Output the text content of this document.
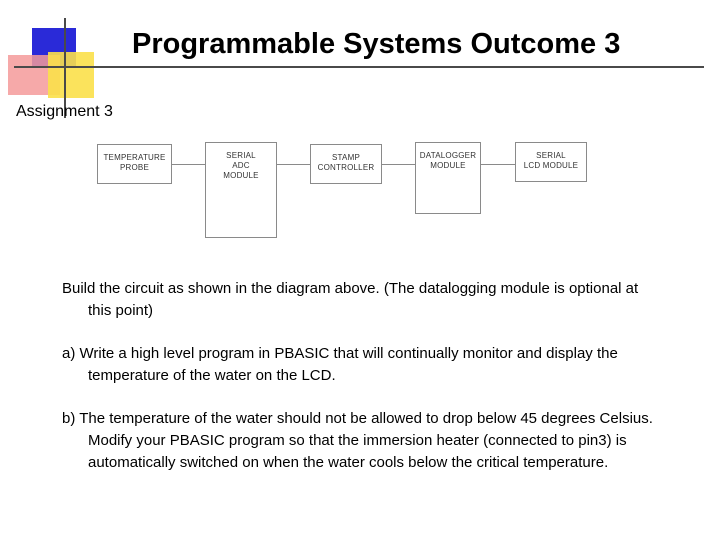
Programmable Systems Outcome 3
Assignment 3
TEMPERATURE
PROBE
SERIAL
ADC
MODULE
STAMP
CONTROLLER
DATALOGGER
MODULE
SERIAL
LCD MODULE

Build the circuit as shown in the diagram above. (The datalogging module is optional at this point)

a) Write a high level program in PBASIC that will continually monitor and display the temperature of the water on the LCD.

b) The temperature of the water should not be allowed to drop below 45 degrees Celsius. Modify your PBASIC program so that the immersion heater (connected to pin3) is automatically switched on when the water cools below the critical temperature.
